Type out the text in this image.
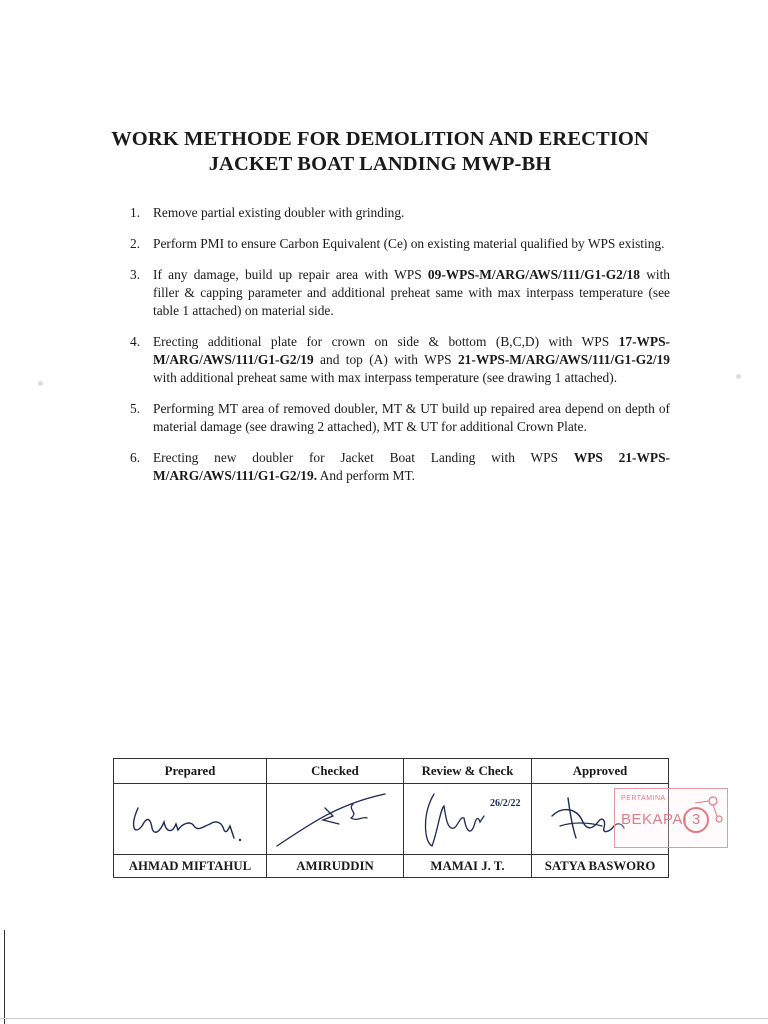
WORK METHODE FOR DEMOLITION AND ERECTION
JACKET BOAT LANDING MWP-BH
1. Remove partial existing doubler with grinding.
2. Perform PMI to ensure Carbon Equivalent (Ce) on existing material qualified by WPS existing.
3. If any damage, build up repair area with WPS 09-WPS-M/ARG/AWS/111/G1-G2/18 with filler & capping parameter and additional preheat same with max interpass temperature (see table 1 attached) on material side.
4. Erecting additional plate for crown on side & bottom (B,C,D) with WPS 17-WPS-M/ARG/AWS/111/G1-G2/19 and top (A) with WPS 21-WPS-M/ARG/AWS/111/G1-G2/19 with additional preheat same with max interpass temperature (see drawing 1 attached).
5. Performing MT area of removed doubler, MT & UT build up repaired area depend on depth of material damage (see drawing 2 attached), MT & UT for additional Crown Plate.
6. Erecting new doubler for Jacket Boat Landing with WPS WPS 21-WPS-M/ARG/AWS/111/G1-G2/19. And perform MT.
Prepared	Checked	Review & Check	Approved

26/2/22

AHMAD MIFTAHUL	AMIRUDDIN	MAMAI J. T.	SATYA BASWORO
PERTAMINA
BEKAPAI 3
